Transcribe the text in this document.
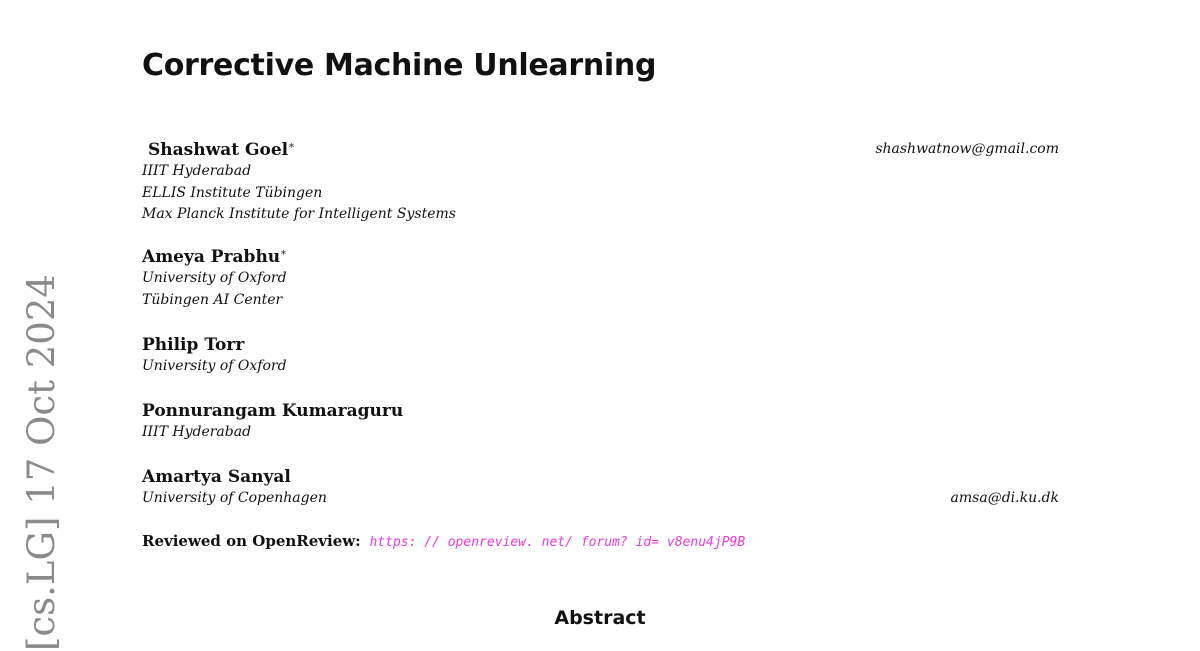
Corrective Machine Unlearning
[cs.LG] 17 Oct 2024
Shashwat Goel∗
IIIT Hyderabad
ELLIS Institute Tübingen
Max Planck Institute for Intelligent Systems
shashwatnow@gmail.com
Ameya Prabhu∗
University of Oxford
Tübingen AI Center
Philip Torr
University of Oxford
Ponnurangam Kumaraguru
IIIT Hyderabad
Amartya Sanyal
University of Copenhagen	amsa@di.ku.dk
Reviewed on OpenReview: https: // openreview. net/ forum? id= v8enu4jP9B
Abstract
